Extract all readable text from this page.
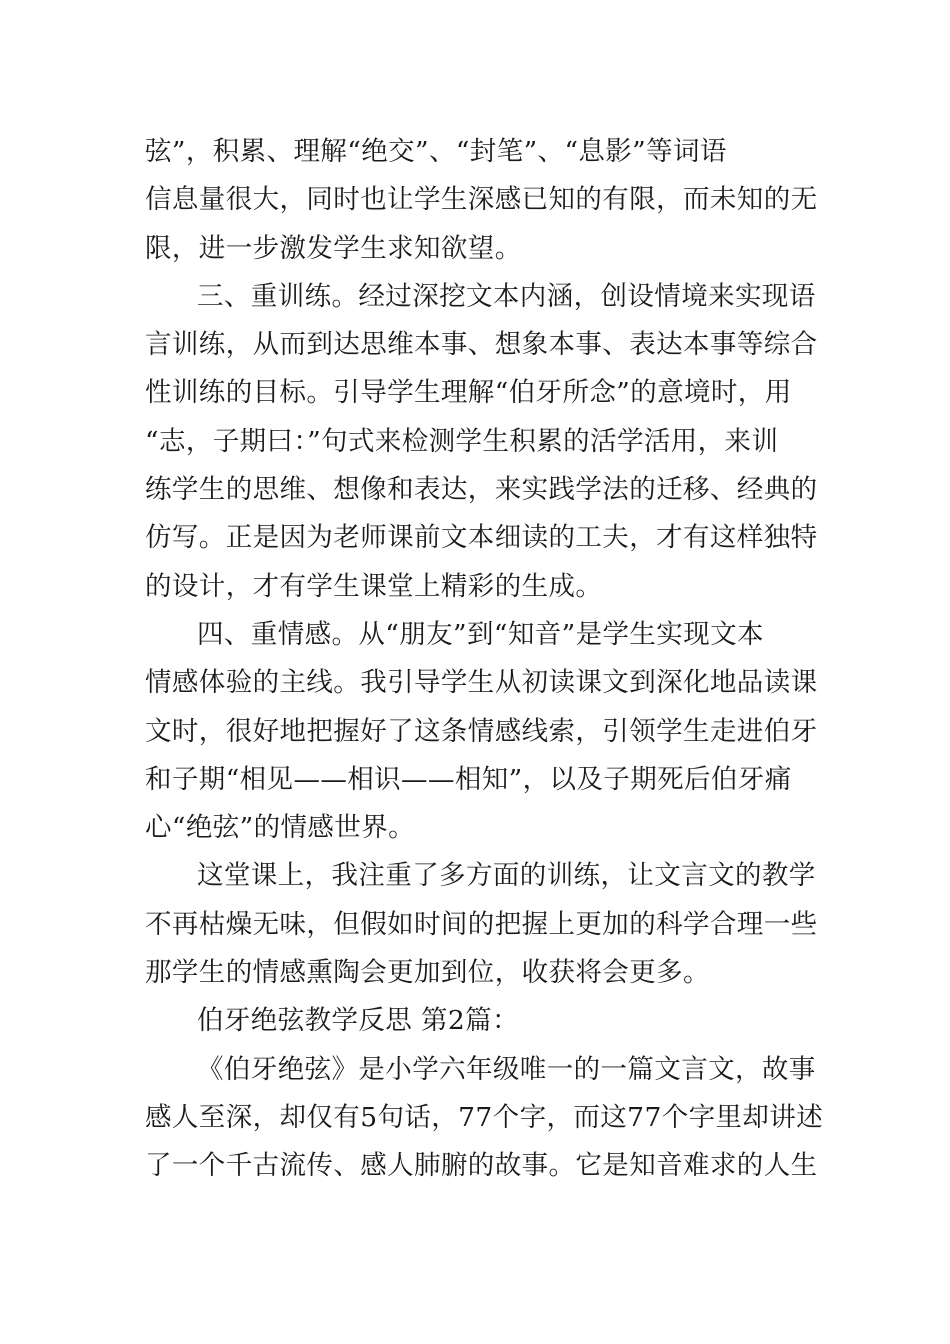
弦”，积累、理解“绝交”、“封笔”、“息影”等词语
信息量很大，同时也让学生深感已知的有限，而未知的无
限，进一步激发学生求知欲望。
三、重训练。经过深挖文本内涵，创设情境来实现语
言训练，从而到达思维本事、想象本事、表达本事等综合
性训练的目标。引导学生理解“伯牙所念”的意境时，用
“志，子期曰：”句式来检测学生积累的活学活用，来训
练学生的思维、想像和表达，来实践学法的迁移、经典的
仿写。正是因为老师课前文本细读的工夫，才有这样独特
的设计，才有学生课堂上精彩的生成。
四、重情感。从“朋友”到“知音”是学生实现文本
情感体验的主线。我引导学生从初读课文到深化地品读课
文时，很好地把握好了这条情感线索，引领学生走进伯牙
和子期“相见——相识——相知”，以及子期死后伯牙痛
心“绝弦”的情感世界。
这堂课上，我注重了多方面的训练，让文言文的教学
不再枯燥无味，但假如时间的把握上更加的科学合理一些
那学生的情感熏陶会更加到位，收获将会更多。
伯牙绝弦教学反思 第2篇：
《伯牙绝弦》是小学六年级唯一的一篇文言文，故事
感人至深，却仅有5句话，77个字，而这77个字里却讲述
了一个千古流传、感人肺腑的故事。它是知音难求的人生
